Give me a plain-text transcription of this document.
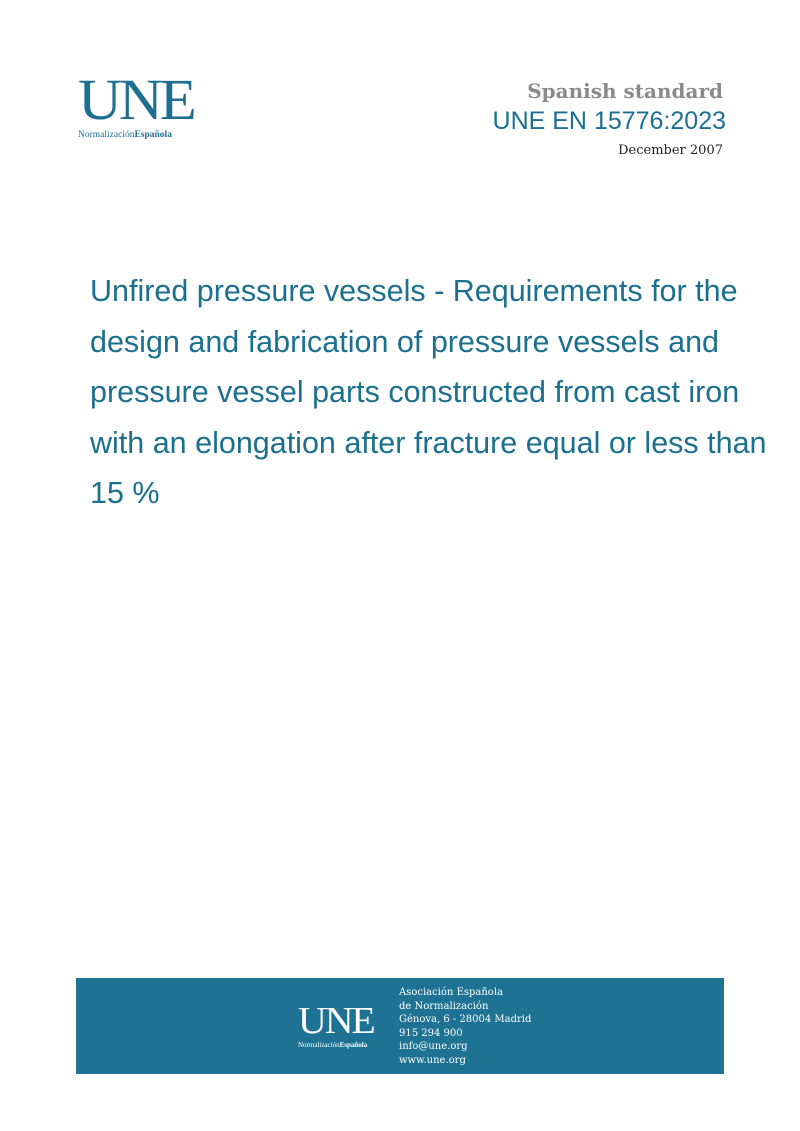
UNE
NormalizaciónEspañola
Spanish standard
UNE EN 15776:2023
December 2007
Unfired pressure vessels - Requirements for the design and fabrication of pressure vessels and pressure vessel parts constructed from cast iron with an elongation after fracture equal or less than 15 %
UNE
NormalizaciónEspañola
Asociación Española
de Normalización
Génova, 6 - 28004 Madrid
915 294 900
info@une.org
www.une.org
